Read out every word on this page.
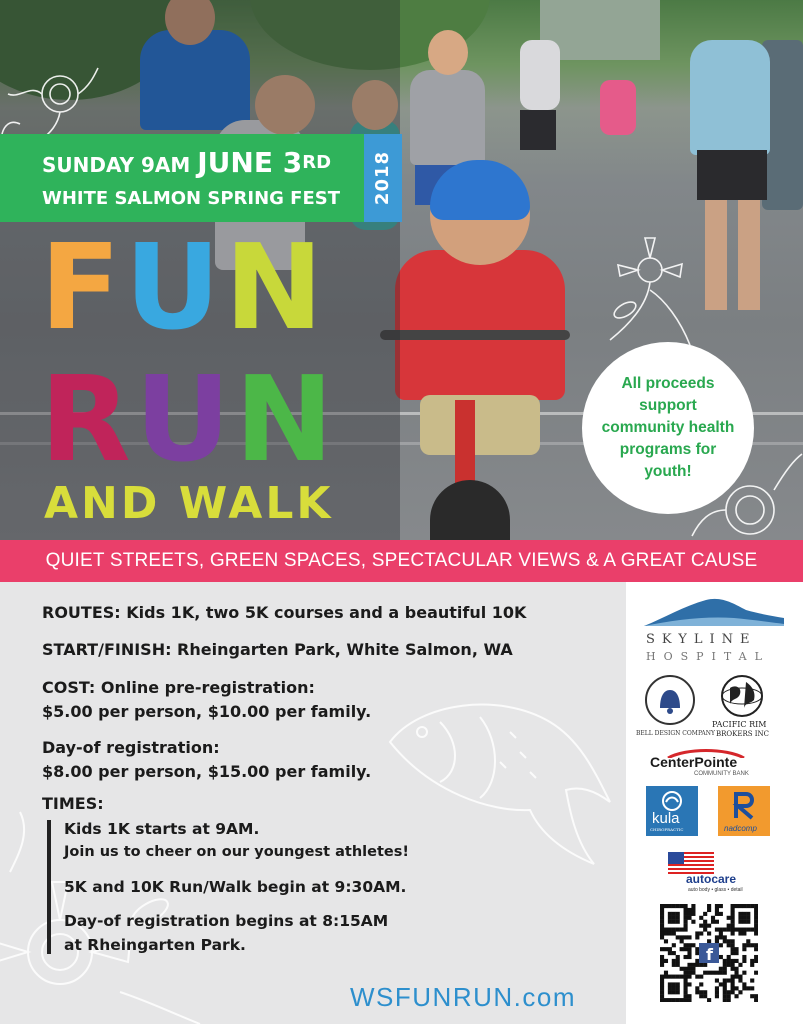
2018
SUNDAY 9AM JUNE 3RD
WHITE SALMON SPRING FEST
FUN
RUN
AND WALK
All proceeds support community health programs for youth!
QUIET STREETS, GREEN SPACES, SPECTACULAR VIEWS & A GREAT CAUSE
ROUTES: Kids 1K, two 5K courses and a beautiful 10K
START/FINISH: Rheingarten Park, White Salmon, WA
COST: Online pre-registration:
$5.00 per person, $10.00 per family.
Day-of registration:
$8.00 per person, $15.00 per family.
TIMES:
Kids 1K starts at 9AM.
Join us to cheer on our youngest athletes!
5K and 10K Run/Walk begin at 9:30AM.
Day-of registration begins at 8:15AM
at Rheingarten Park.
WSFUNRUN.com
SKYLINE
HOSPITAL
BELL DESIGN COMPANY
PACIFIC RIM
BROKERS INC
CenterPointe
COMMUNITY BANK
kula
CHIROPRACTIC	nadcomp
autocare
auto body • glass • detail
f
